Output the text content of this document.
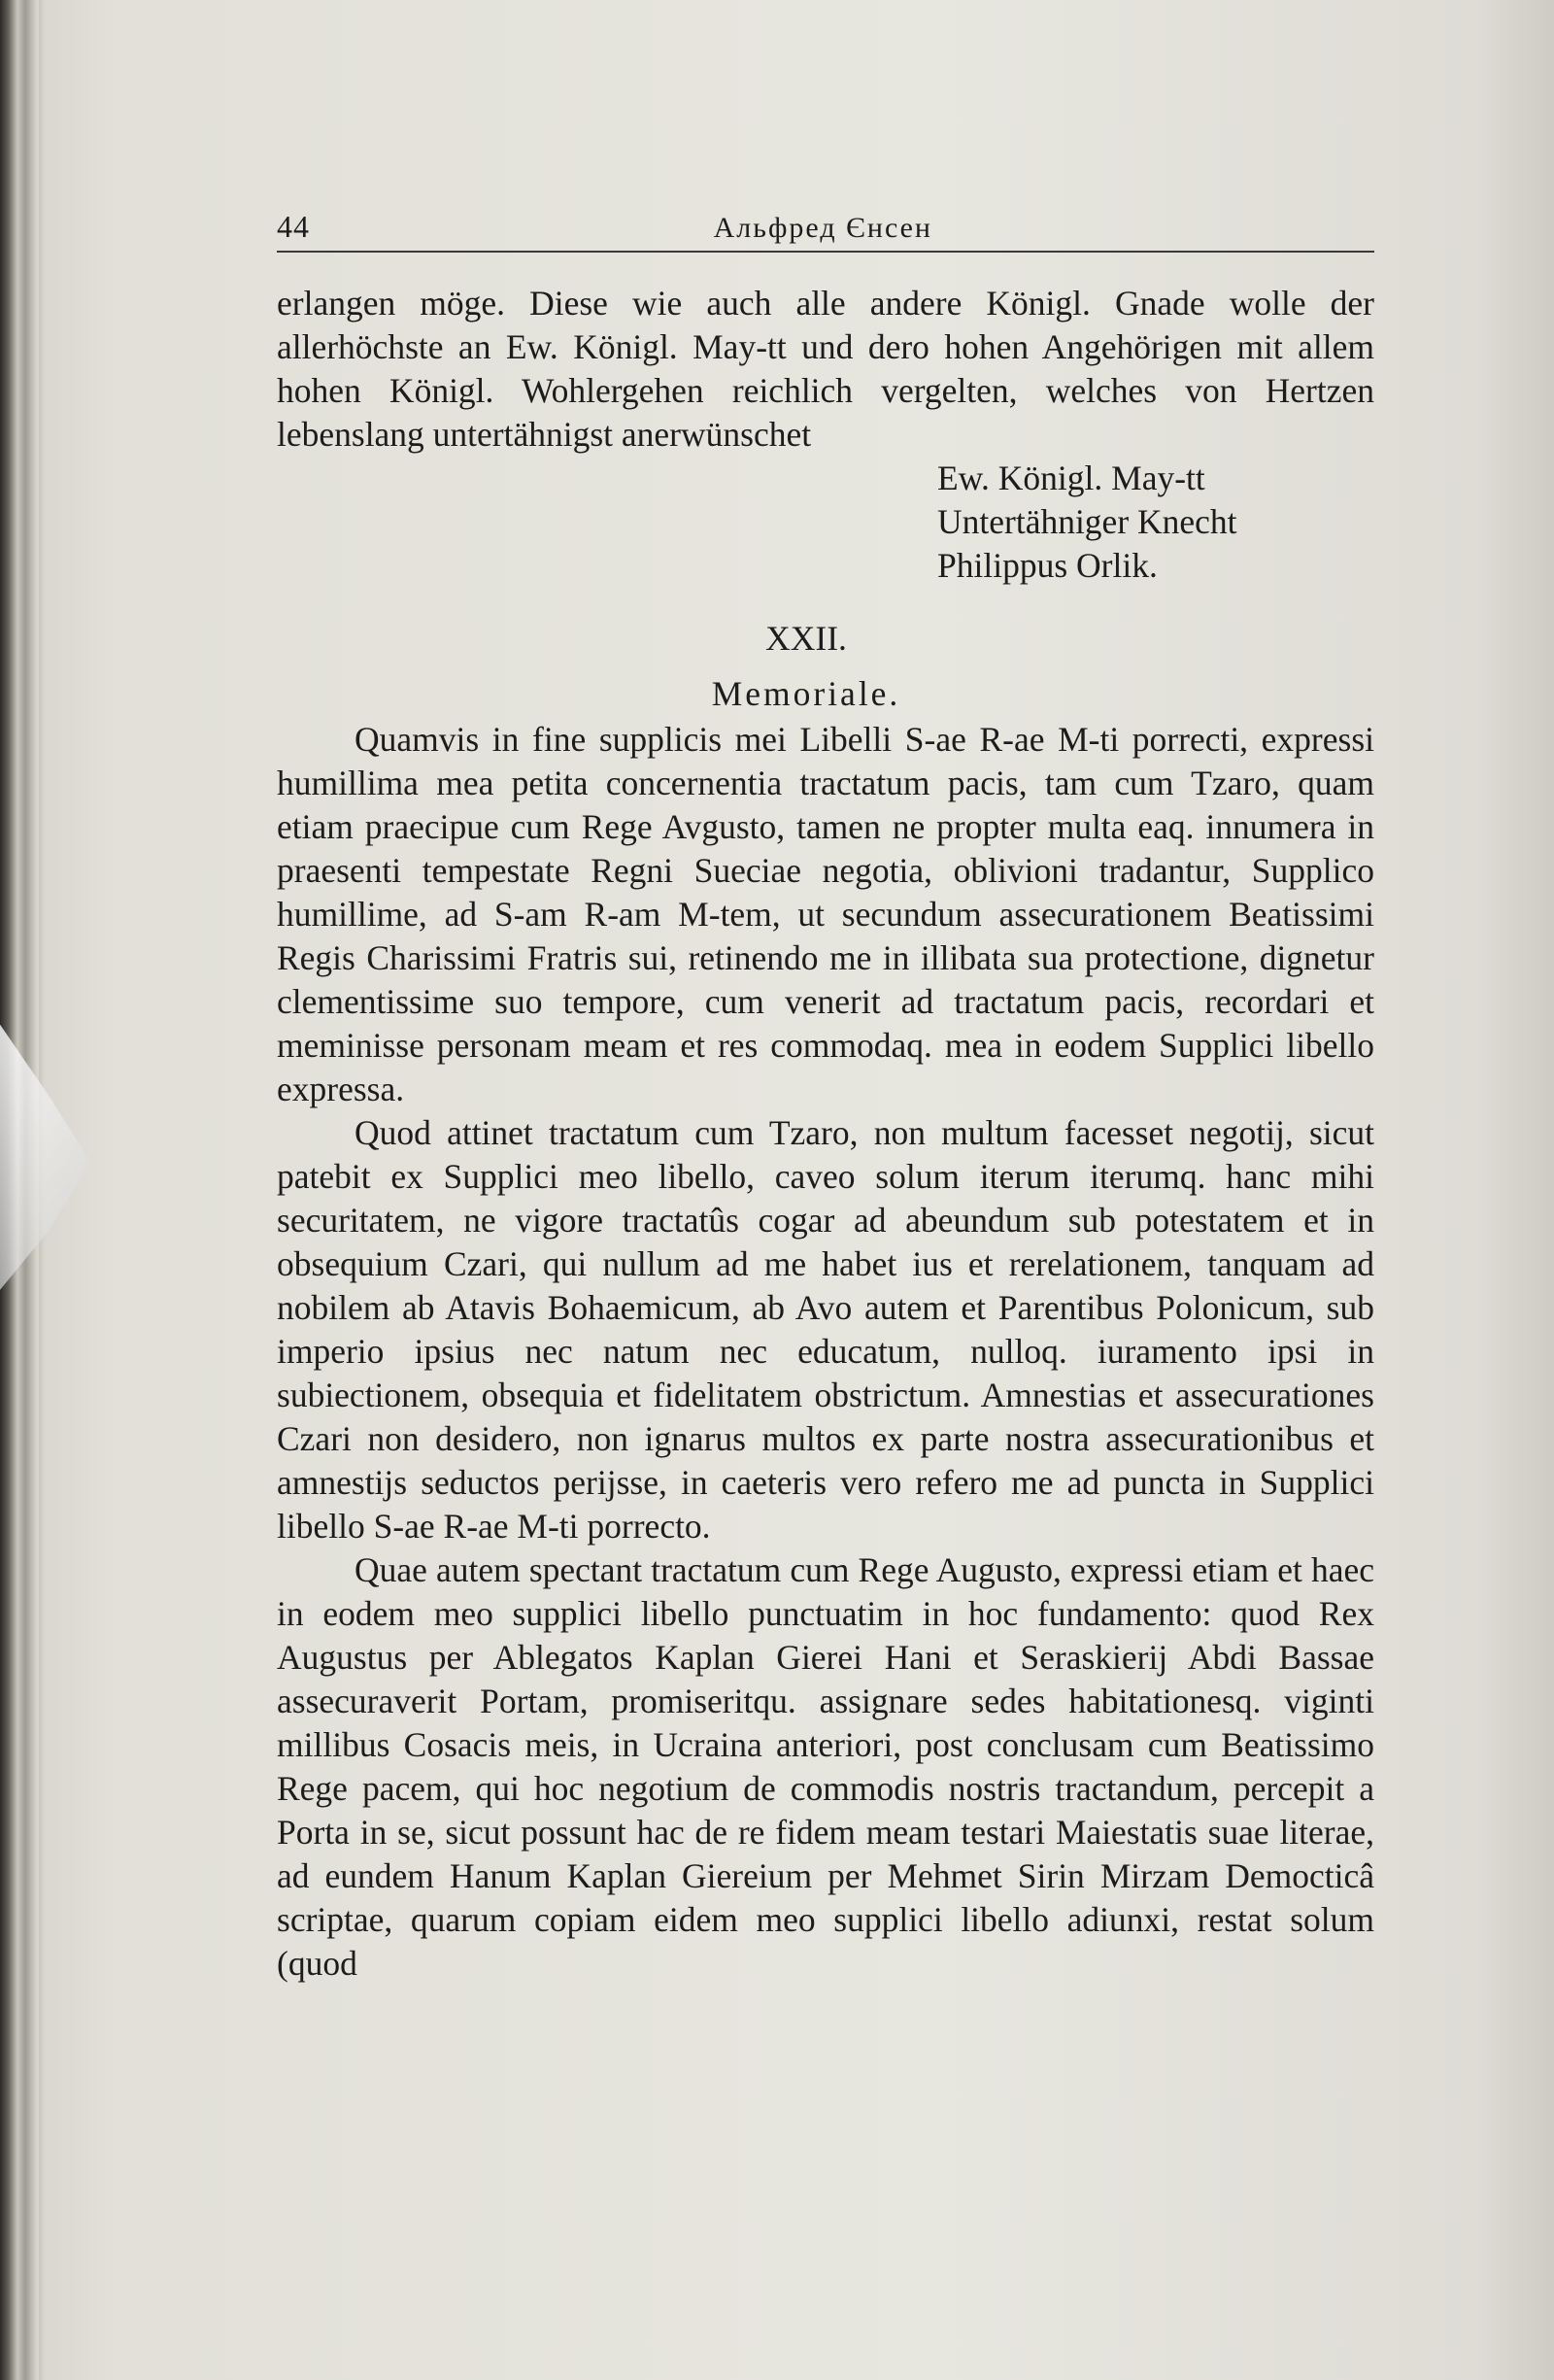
44	Альфред Єнсен

erlangen möge. Diese wie auch alle andere Königl. Gnade wolle der allerhöchste an Ew. Königl. May-tt und dero hohen Angehörigen mit allem hohen Königl. Wohlergehen reichlich vergelten, welches von Hertzen lebenslang untertähnigst anerwünschet

Ew. Königl. May-tt
Untertähniger Knecht
Philippus Orlik.
XXII.
Memoriale.

Quamvis in fine supplicis mei Libelli S-ae R-ae M-ti porrecti, expressi humillima mea petita concernentia tractatum pacis, tam cum Tzaro, quam etiam praecipue cum Rege Avgusto, tamen ne propter multa eaq. innumera in praesenti tempestate Regni Sueciae negotia, oblivioni tradantur, Supplico humillime, ad S-am R-am M-tem, ut secundum assecurationem Beatissimi Regis Charissimi Fratris sui, retinendo me in illibata sua protectione, dignetur clementissime suo tempore, cum venerit ad tractatum pacis, recordari et meminisse personam meam et res commodaq. mea in eodem Supplici libello expressa.

Quod attinet tractatum cum Tzaro, non multum facesset negotij, sicut patebit ex Supplici meo libello, caveo solum iterum iterumq. hanc mihi securitatem, ne vigore tractatûs cogar ad abeundum sub potestatem et in obsequium Czari, qui nullum ad me habet ius et rerelationem, tanquam ad nobilem ab Atavis Bohaemicum, ab Avo autem et Parentibus Polonicum, sub imperio ipsius nec natum nec educatum, nulloq. iuramento ipsi in subiectionem, obsequia et fidelitatem obstrictum. Amnestias et assecurationes Czari non desidero, non ignarus multos ex parte nostra assecurationibus et amnestijs seductos perijsse, in caeteris vero refero me ad puncta in Supplici libello S-ae R-ae M-ti porrecto.

Quae autem spectant tractatum cum Rege Augusto, expressi etiam et haec in eodem meo supplici libello punctuatim in hoc fundamento: quod Rex Augustus per Ablegatos Kaplan Gierei Hani et Seraskierij Abdi Bassae assecuraverit Portam, promiseritqu. assignare sedes habitationesq. viginti millibus Cosacis meis, in Ucraina anteriori, post conclusam cum Beatissimo Rege pacem, qui hoc negotium de commodis nostris tractandum, percepit a Porta in se, sicut possunt hac de re fidem meam testari Maiestatis suae literae, ad eundem Hanum Kaplan Giereium per Mehmet Sirin Mirzam Democticâ scriptae, quarum copiam eidem meo supplici libello adiunxi, restat solum (quod
